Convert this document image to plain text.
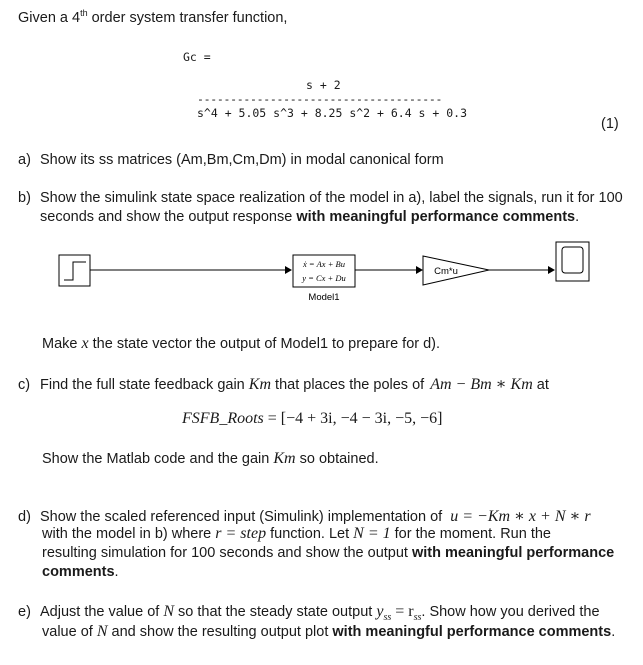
Given a 4th order system transfer function,
Gc =
s + 2
-------------------------------------
s^4 + 5.05 s^3 + 8.25 s^2 + 6.4 s + 0.3
(1)
a) Show its ss matrices (Am,Bm,Cm,Dm) in modal canonical form
b) Show the simulink state space realization of the model in a), label the signals, run it for 100
seconds and show the output response with meaningful performance comments.
ẋ = Ax + Bu
y = Cx + Du
Model1
Cm*u
Make x the state vector the output of Model1 to prepare for d).
c) Find the full state feedback gain Km that places the poles of Am − Bm ∗ Km at
FSFB_Roots = [−4 + 3i, −4 − 3i, −5, −6]
Show the Matlab code and the gain Km so obtained.
d) Show the scaled referenced input (Simulink) implementation of u = −Km ∗ x + N ∗ r
with the model in b) where r = step function. Let N = 1 for the moment. Run the
resulting simulation for 100 seconds and show the output with meaningful performance
comments.
e) Adjust the value of N so that the steady state output $y_{ss} = r_{ss}$. Show how you derived the
value of N and show the resulting output plot with meaningful performance comments.
